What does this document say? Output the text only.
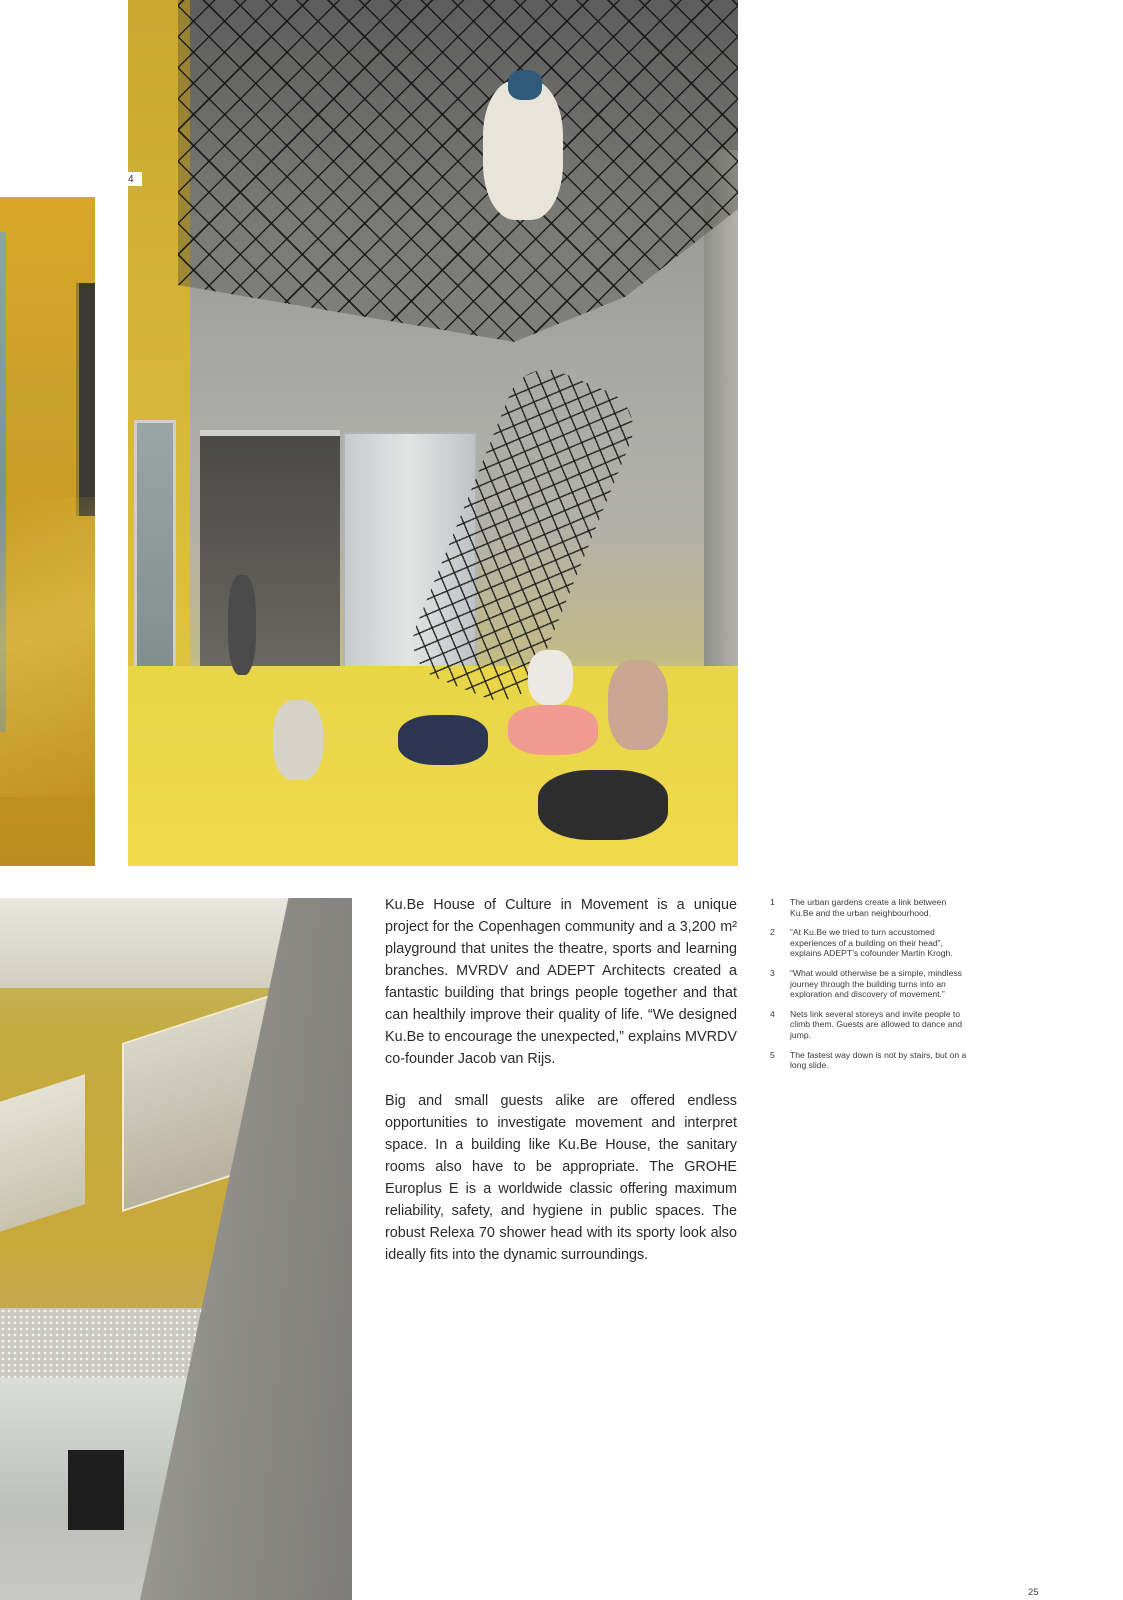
4

Ku.Be House of Culture in Movement is a unique project for the Copenhagen community and a 3,200 m² playground that unites the theatre, sports and learning branches. MVRDV and ADEPT Architects created a fantastic building that brings people together and that can healthily improve their quality of life. “We designed Ku.Be to encourage the unexpected,” explains MVRDV co-founder Jacob van Rijs.

Big and small guests alike are offered endless opportunities to investigate movement and interpret space. In a building like Ku.Be House, the sanitary rooms also have to be appropriate. The GROHE Europlus E is a worldwide classic offering maximum reliability, safety, and hygiene in public spaces. The robust Relexa 70 shower head with its sporty look also ideally fits into the dynamic surroundings.

1	The urban gardens create a link between Ku.Be and the urban neighbourhood.
2	“At Ku.Be we tried to turn accustomed experiences of a building on their head”, explains ADEPT’s cofounder Martin Krogh.
3	“What would otherwise be a simple, mindless journey through the building turns into an exploration and discovery of movement.”
4	Nets link several storeys and invite people to climb them. Guests are allowed to dance and jump.
5	The fastest way down is not by stairs, but on a long slide.
25
